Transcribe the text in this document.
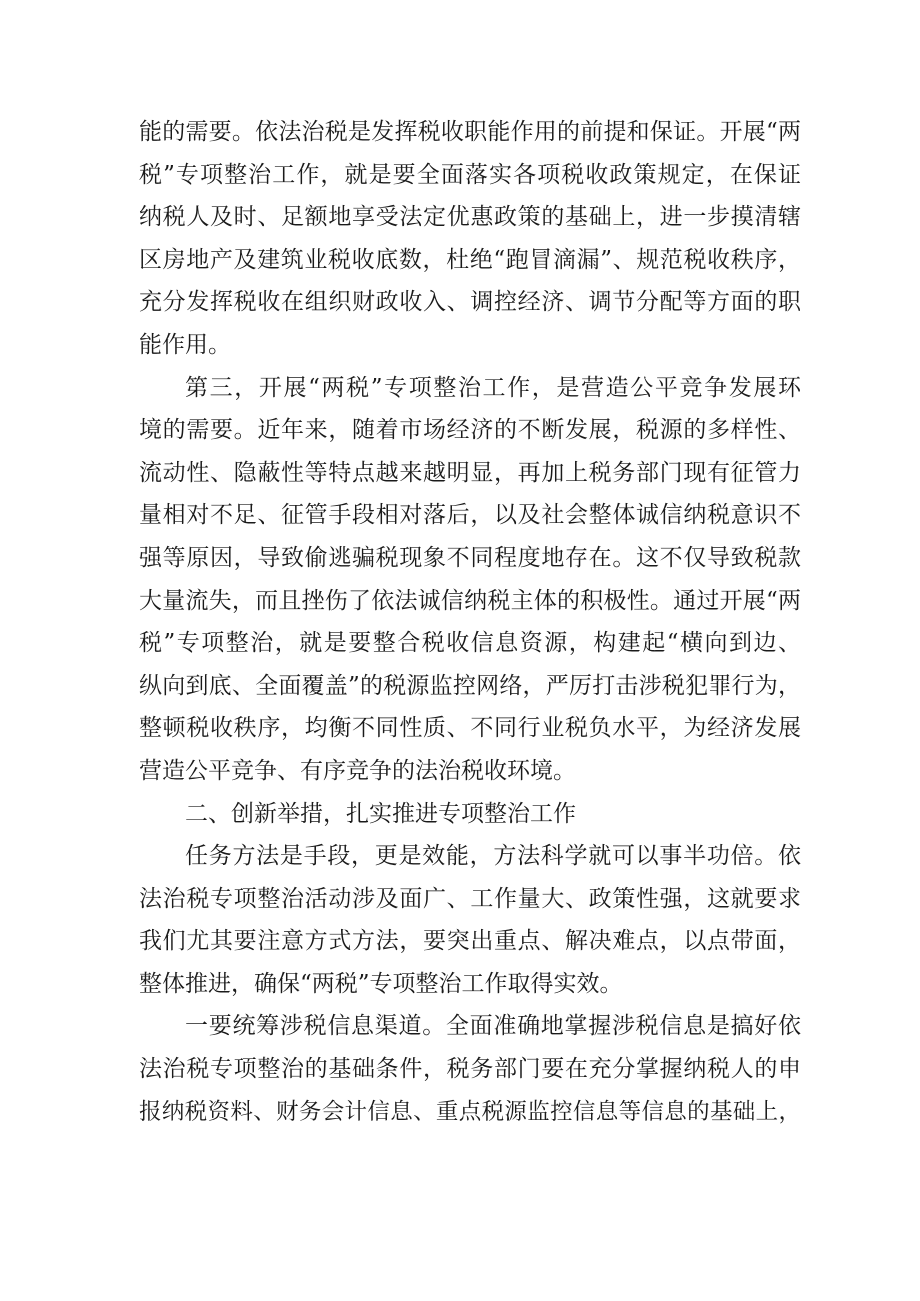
能的需要。依法治税是发挥税收职能作用的前提和保证。开展“两
税”专项整治工作，就是要全面落实各项税收政策规定，在保证
纳税人及时、足额地享受法定优惠政策的基础上，进一步摸清辖
区房地产及建筑业税收底数，杜绝“跑冒滴漏”、规范税收秩序，
充分发挥税收在组织财政收入、调控经济、调节分配等方面的职
能作用。
第三，开展“两税”专项整治工作，是营造公平竞争发展环
境的需要。近年来，随着市场经济的不断发展，税源的多样性、
流动性、隐蔽性等特点越来越明显，再加上税务部门现有征管力
量相对不足、征管手段相对落后，以及社会整体诚信纳税意识不
强等原因，导致偷逃骗税现象不同程度地存在。这不仅导致税款
大量流失，而且挫伤了依法诚信纳税主体的积极性。通过开展“两
税”专项整治，就是要整合税收信息资源，构建起“横向到边、
纵向到底、全面覆盖”的税源监控网络，严厉打击涉税犯罪行为，
整顿税收秩序，均衡不同性质、不同行业税负水平，为经济发展
营造公平竞争、有序竞争的法治税收环境。
二、创新举措，扎实推进专项整治工作
任务方法是手段，更是效能，方法科学就可以事半功倍。依
法治税专项整治活动涉及面广、工作量大、政策性强，这就要求
我们尤其要注意方式方法，要突出重点、解决难点，以点带面，
整体推进，确保“两税”专项整治工作取得实效。
一要统筹涉税信息渠道。全面准确地掌握涉税信息是搞好依
法治税专项整治的基础条件，税务部门要在充分掌握纳税人的申
报纳税资料、财务会计信息、重点税源监控信息等信息的基础上，
